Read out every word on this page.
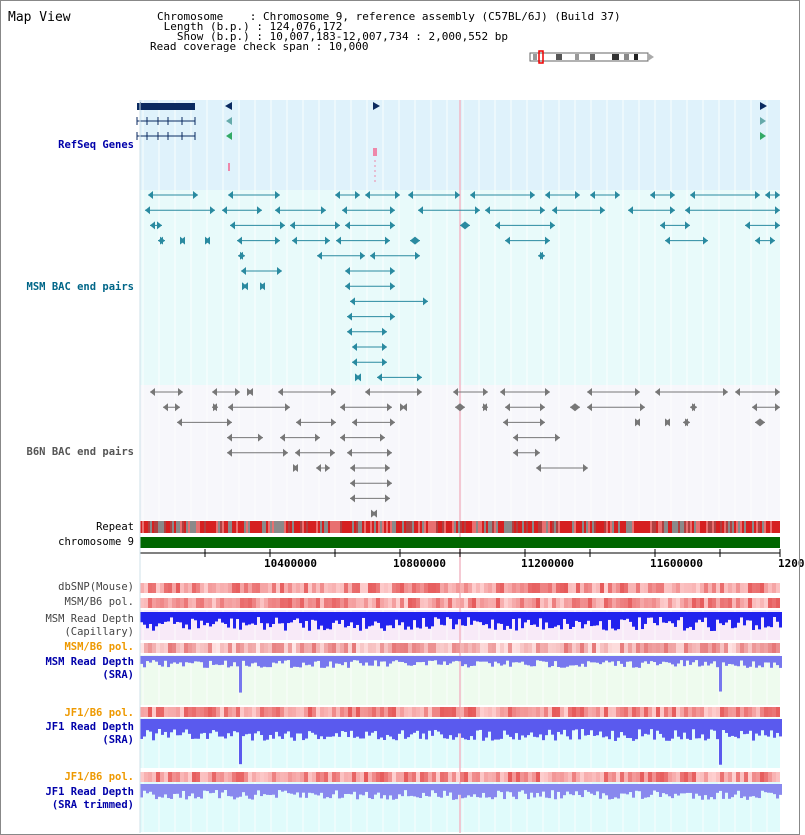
Map View	Chromosome    : Chromosome 9, reference assembly (C57BL/6J) (Build 37)
Length (b.p.) : 124,076,172
Show (b.p.) : 10,007,183-12,007,734 : 2,000,552 bp
Read coverage check span : 10,000
RefSeq Genes
MSM BAC end pairs
B6N BAC end pairs
Repeat
chromosome 9
dbSNP(Mouse)
MSM/B6 pol.
MSM Read Depth
(Capillary)
MSM/B6 pol.
MSM Read Depth
(SRA)
JF1/B6 pol.
JF1 Read Depth
(SRA)
JF1/B6 pol.
JF1 Read Depth
(SRA trimmed)
10400000	10800000	11200000	11600000	1200
